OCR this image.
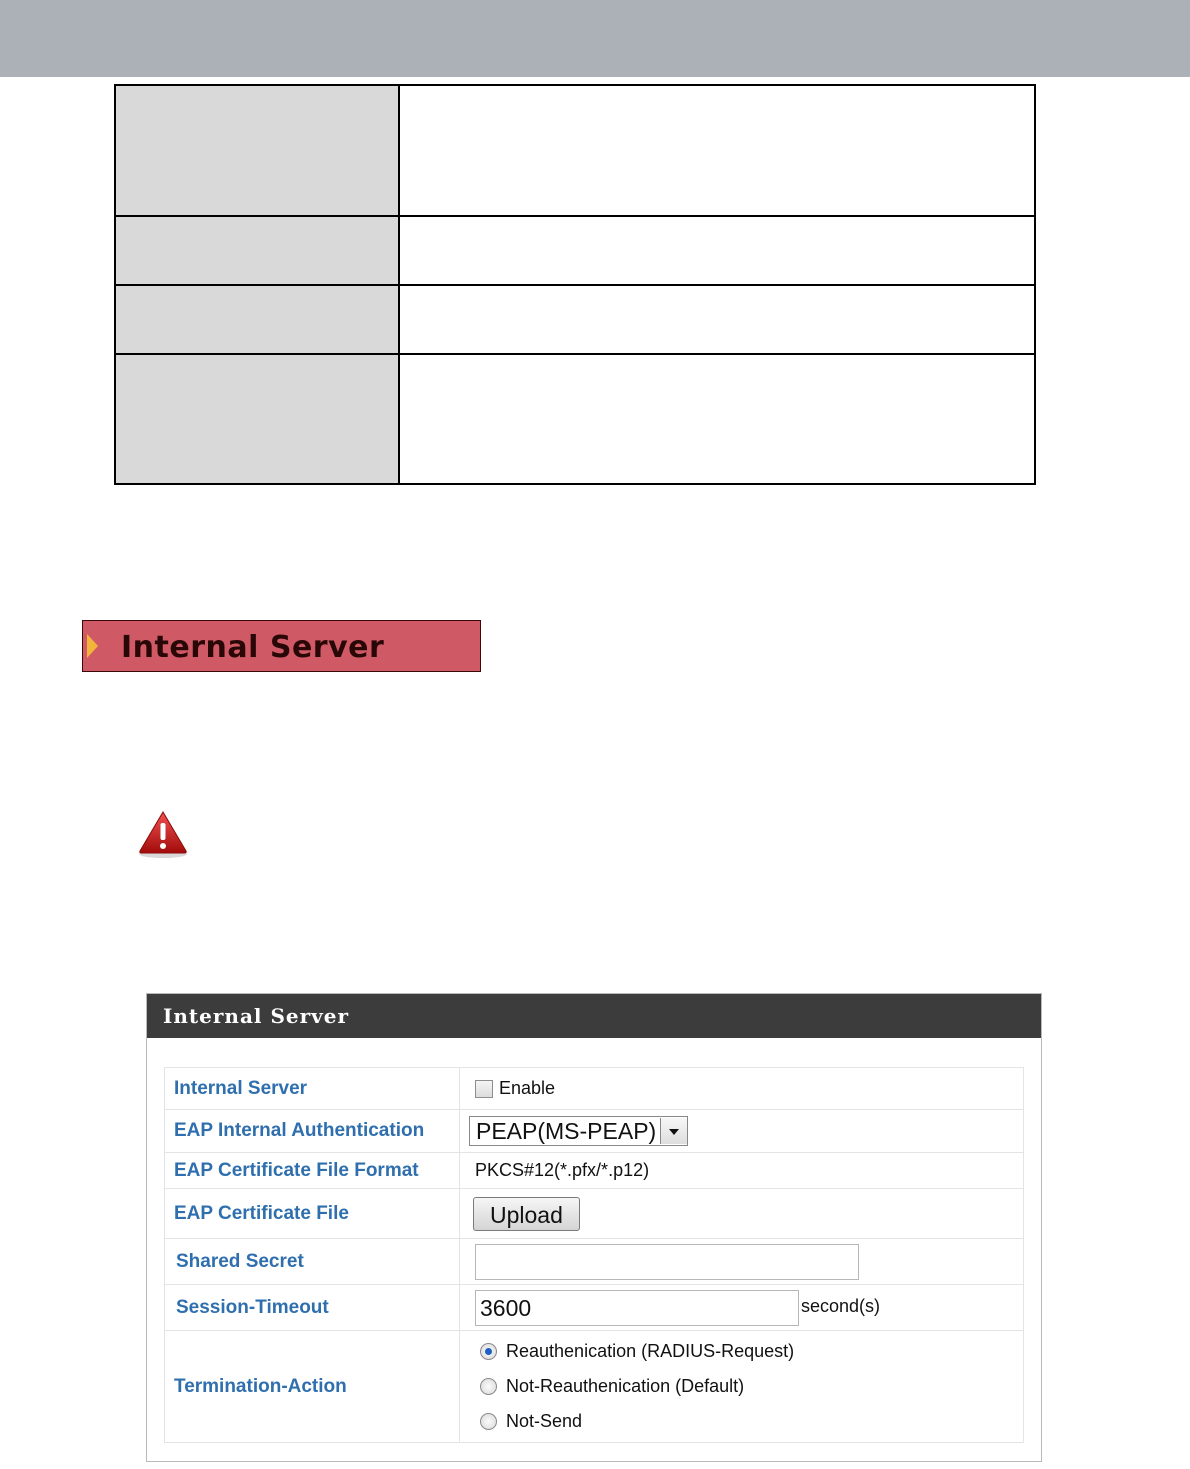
Internal Server
Internal Server
Internal Server	Enable
EAP Internal Authentication	PEAP(MS-PEAP)

EAP Certificate File Format	PKCS#12(*.pfx/*.p12)
EAP Certificate File	Upload
Shared Secret	
Session-Timeout	3600 second(s)
Termination-Action	Reauthenication (RADIUS-Request)
Not-Reauthenication (Default)
Not-Send
